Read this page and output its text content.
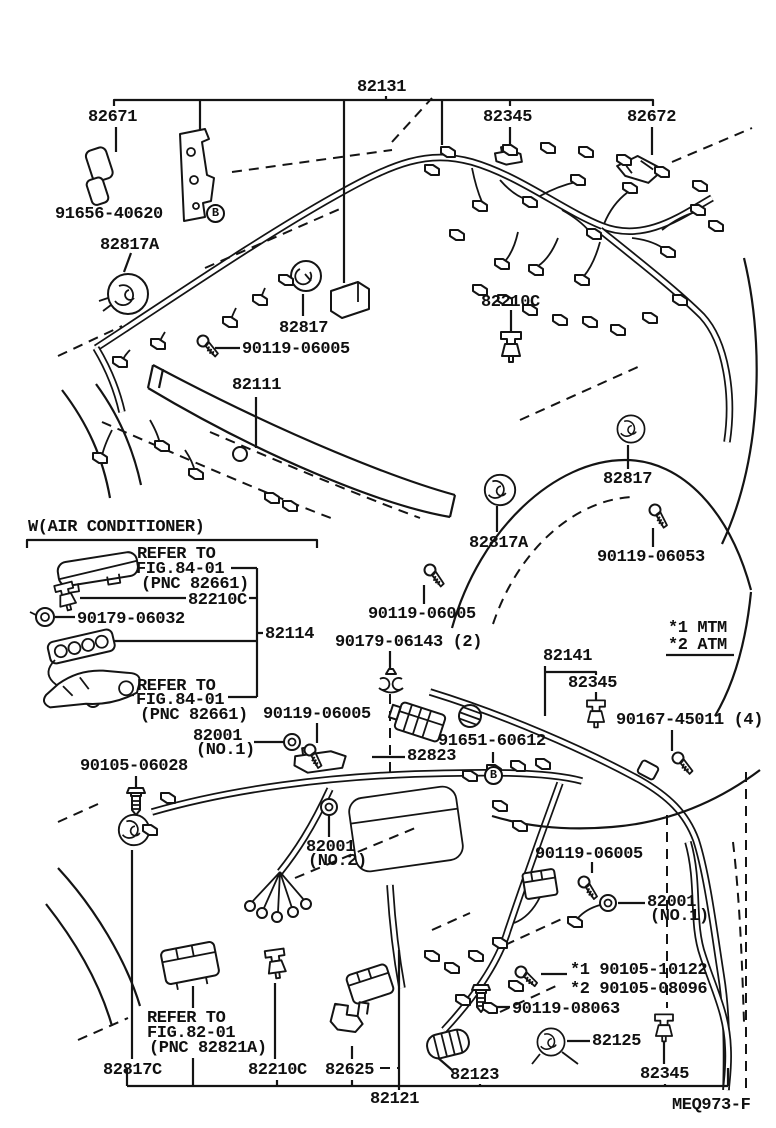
82131
82671	82345	82672
91656-40620
82817A
82817
90119-06005
82210C
82111
82817
82817A
90119-06053
W(AIR CONDITIONER)
REFER TO
FIG.84-01
(PNC 82661)
82210C
90179-06032
82114
REFER TO
FIG.84-01
(PNC 82661)
90119-06005
90179-06143 (2)
82141
82345
90167-45011 (4)
90119-06005
82001
(NO.1)	91651-60612
82823
90105-06028
82001
(NO.2)	90119-06005
82001
(NO.1)
*1 90105-10122
*2 90105-08096
90119-08063
REFER TO
FIG.82-01
(PNC 82821A)
82817C	82210C 82625	82123
82125
82345
82121
*1 MTM
*2 ATM
MEQ973-F
B
B
